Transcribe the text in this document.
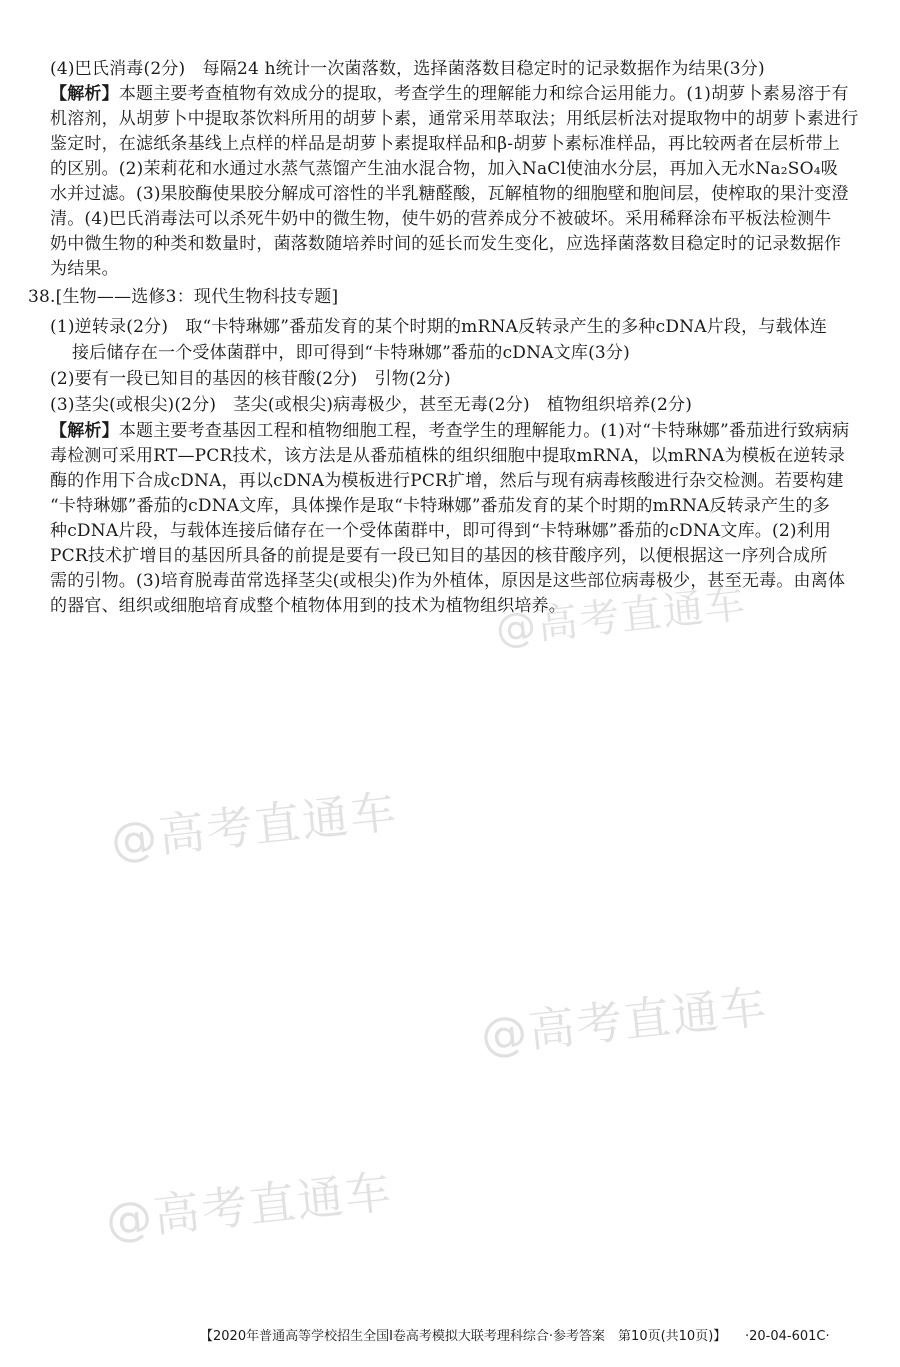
(4)巴氏消毒(2分)　每隔24 h统计一次菌落数，选择菌落数目稳定时的记录数据作为结果(3分)
【解析】本题主要考查植物有效成分的提取，考查学生的理解能力和综合运用能力。(1)胡萝卜素易溶于有
机溶剂，从胡萝卜中提取茶饮料所用的胡萝卜素，通常采用萃取法；用纸层析法对提取物中的胡萝卜素进行
鉴定时，在滤纸条基线上点样的样品是胡萝卜素提取样品和β-胡萝卜素标准样品，再比较两者在层析带上
的区别。(2)茉莉花和水通过水蒸气蒸馏产生油水混合物，加入NaCl使油水分层，再加入无水Na₂SO₄吸
水并过滤。(3)果胶酶使果胶分解成可溶性的半乳糖醛酸，瓦解植物的细胞壁和胞间层，使榨取的果汁变澄
清。(4)巴氏消毒法可以杀死牛奶中的微生物，使牛奶的营养成分不被破坏。采用稀释涂布平板法检测牛
奶中微生物的种类和数量时，菌落数随培养时间的延长而发生变化，应选择菌落数目稳定时的记录数据作
为结果。
38.[生物——选修3：现代生物科技专题]
(1)逆转录(2分)　取“卡特琳娜”番茄发育的某个时期的mRNA反转录产生的多种cDNA片段，与载体连
接后储存在一个受体菌群中，即可得到“卡特琳娜”番茄的cDNA文库(3分)
(2)要有一段已知目的基因的核苷酸(2分)　引物(2分)
(3)茎尖(或根尖)(2分)　茎尖(或根尖)病毒极少，甚至无毒(2分)　植物组织培养(2分)
【解析】本题主要考查基因工程和植物细胞工程，考查学生的理解能力。(1)对“卡特琳娜”番茄进行致病病
毒检测可采用RT—PCR技术，该方法是从番茄植株的组织细胞中提取mRNA，以mRNA为模板在逆转录
酶的作用下合成cDNA，再以cDNA为模板进行PCR扩增，然后与现有病毒核酸进行杂交检测。若要构建
“卡特琳娜”番茄的cDNA文库，具体操作是取“卡特琳娜”番茄发育的某个时期的mRNA反转录产生的多
种cDNA片段，与载体连接后储存在一个受体菌群中，即可得到“卡特琳娜”番茄的cDNA文库。(2)利用
PCR技术扩增目的基因所具备的前提是要有一段已知目的基因的核苷酸序列，以便根据这一序列合成所
需的引物。(3)培育脱毒苗常选择茎尖(或根尖)作为外植体，原因是这些部位病毒极少，甚至无毒。由离体
的器官、组织或细胞培育成整个植物体用到的技术为植物组织培养。
@高考直通车
@高考直通车
@高考直通车
@高考直通车
【2020年普通高等学校招生全国Ⅰ卷高考模拟大联考理科综合·参考答案　第10页(共10页)】 ·20-04-601C·
